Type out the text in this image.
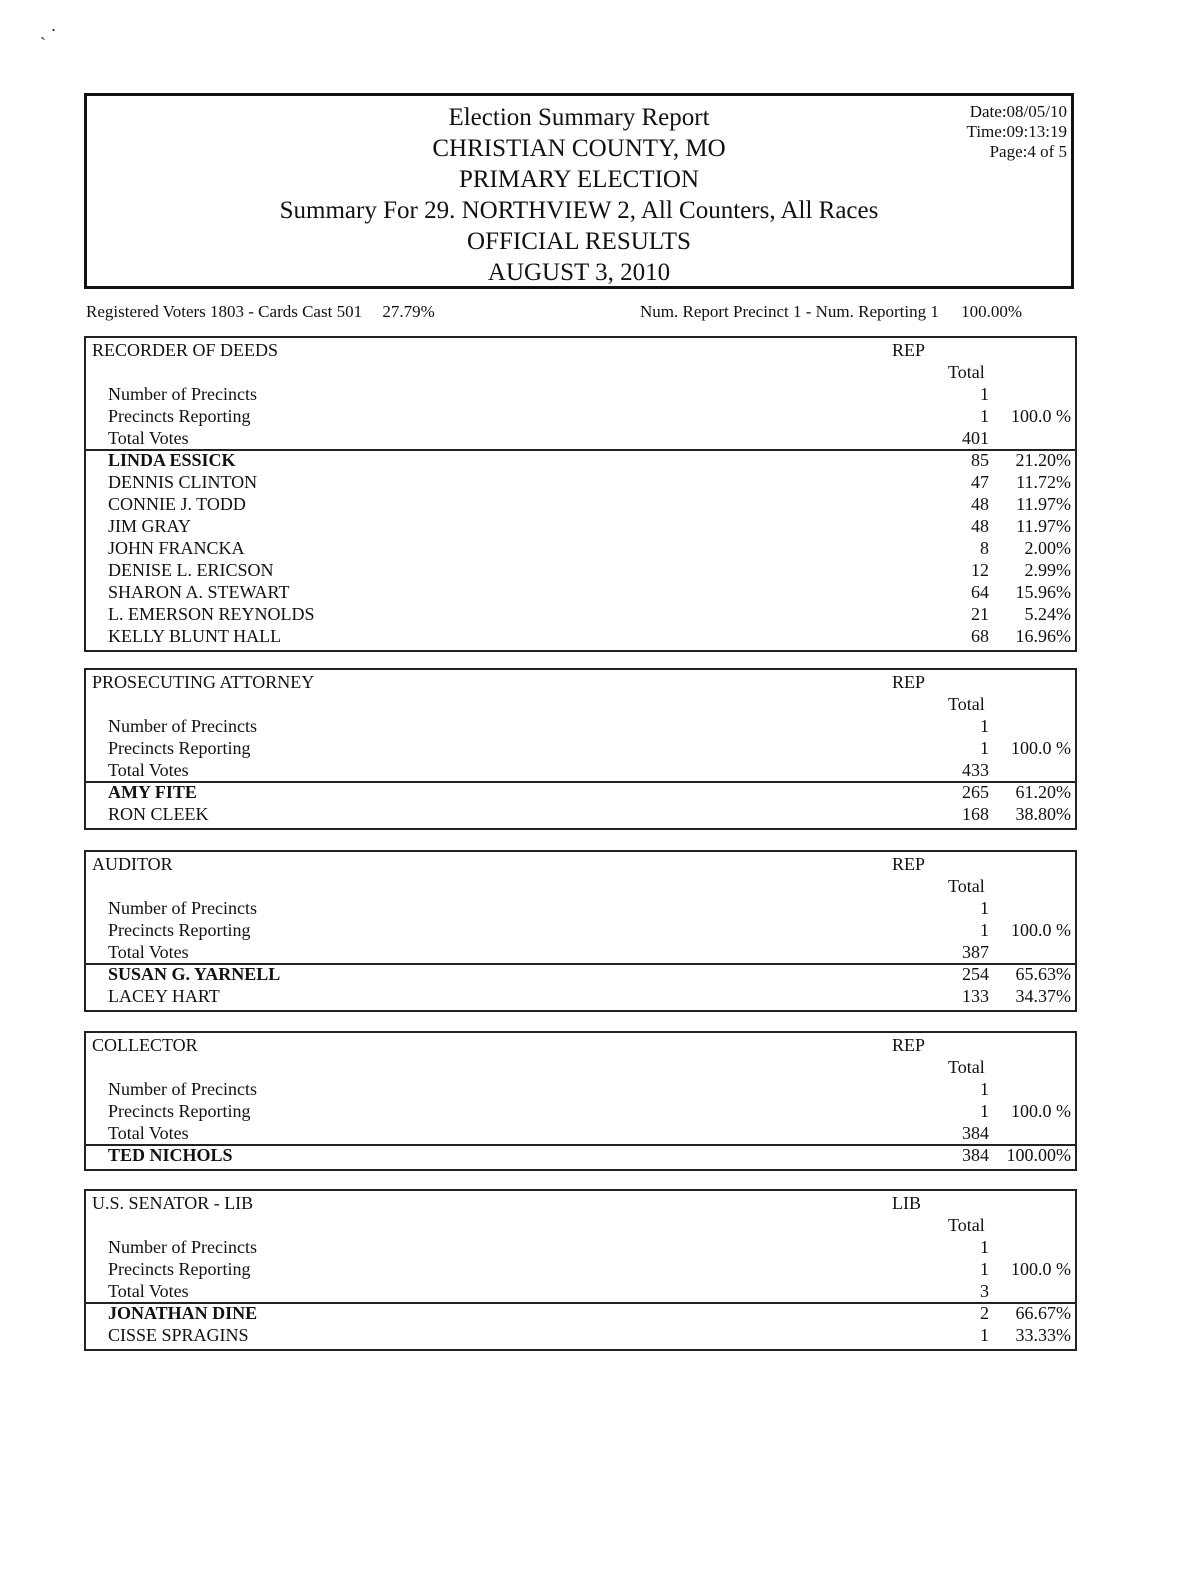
ˏ ·
Election Summary Report
CHRISTIAN COUNTY, MO
PRIMARY ELECTION
Summary For 29. NORTHVIEW 2, All Counters, All Races
OFFICIAL RESULTS
AUGUST 3, 2010
Date:08/05/10
Time:09:13:19
Page:4 of 5
Registered Voters 1803 - Cards Cast 501 27.79%	Num. Report Precinct 1 - Num. Reporting 1 100.00%
RECORDER OF DEEDS	REP
Total
Number of Precincts	1
Precincts Reporting	1 100.0 %
Total Votes	401
LINDA ESSICK	85 21.20%
DENNIS CLINTON	47 11.72%
CONNIE J. TODD	48 11.97%
JIM GRAY	48 11.97%
JOHN FRANCKA	8 2.00%
DENISE L. ERICSON	12 2.99%
SHARON A. STEWART	64 15.96%
L. EMERSON REYNOLDS	21 5.24%
KELLY BLUNT HALL	68 16.96%
PROSECUTING ATTORNEY	REP
Total
Number of Precincts	1
Precincts Reporting	1 100.0 %
Total Votes	433
AMY FITE	265 61.20%
RON CLEEK	168 38.80%
AUDITOR	REP
Total
Number of Precincts	1
Precincts Reporting	1 100.0 %
Total Votes	387
SUSAN G. YARNELL	254 65.63%
LACEY HART	133 34.37%
COLLECTOR	REP
Total
Number of Precincts	1
Precincts Reporting	1 100.0 %
Total Votes	384
TED NICHOLS	384 100.00%
U.S. SENATOR - LIB	LIB
Total
Number of Precincts	1
Precincts Reporting	1 100.0 %
Total Votes	3
JONATHAN DINE	2 66.67%
CISSE SPRAGINS	1 33.33%
